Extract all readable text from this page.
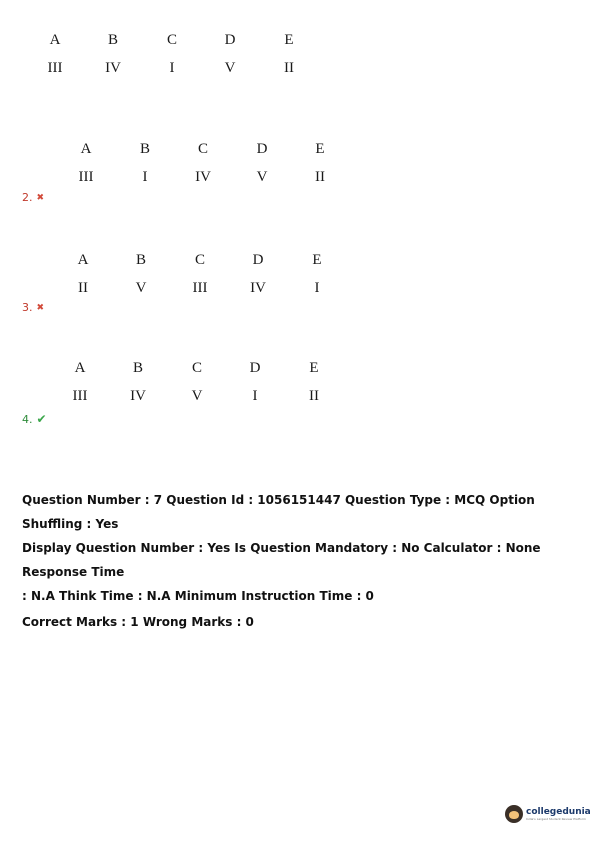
A	B	C	D	E
III	IV	I	V	II
A	B	C	D	E
III	I	IV	V	II
2. ✖
A	B	C	D	E
II	V	III	IV	I
3. ✖
A	B	C	D	E
III	IV	V	I	II
4. ✔
Question Number : 7 Question Id : 1056151447 Question Type : MCQ Option Shuffling : Yes
Display Question Number : Yes Is Question Mandatory : No Calculator : None Response Time
: N.A Think Time : N.A Minimum Instruction Time : 0
Correct Marks : 1 Wrong Marks : 0
collegedunia
India's Largest Student Review Platform
